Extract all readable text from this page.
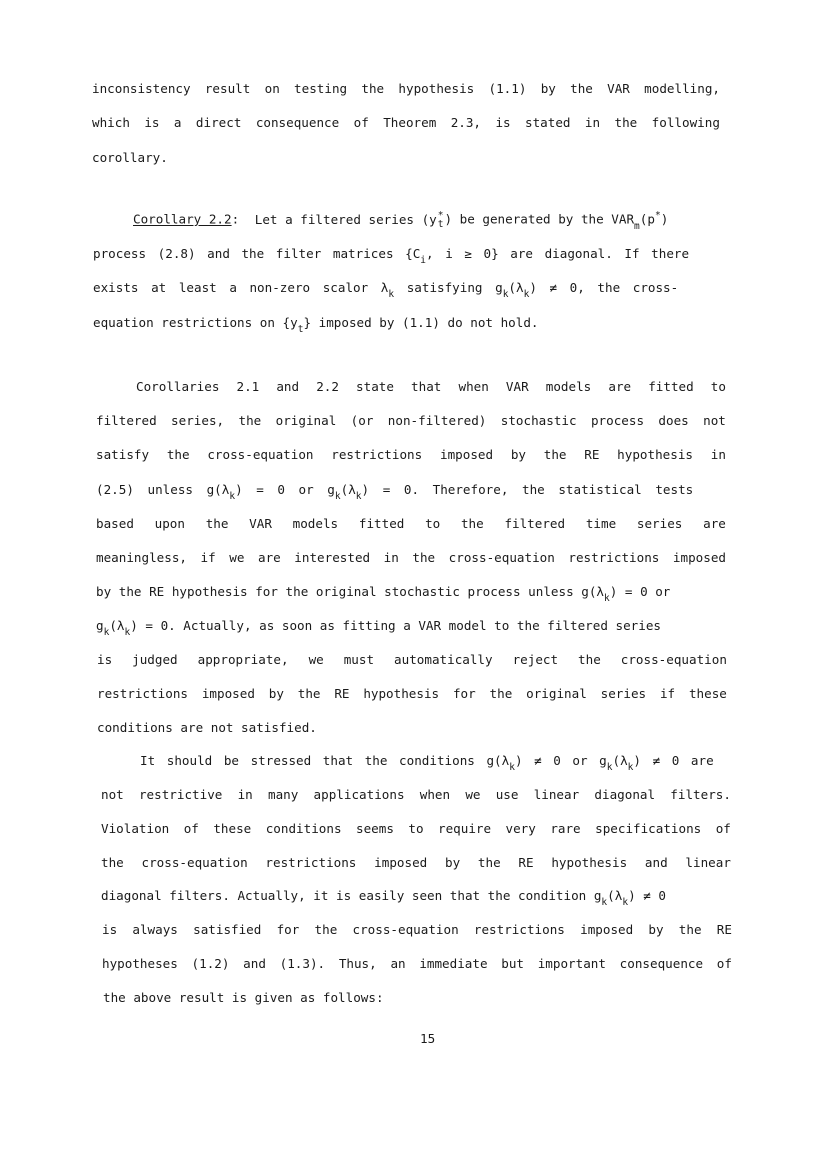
inconsistency result on testing the hypothesis (1.1) by the VAR modelling,
which is a direct consequence of Theorem 2.3, is stated in the following
corollary.
Corollary 2.2: Let a filtered series (y *
t ) be generated by the $VAR_m(p^*)$
process (2.8) and the filter matrices {$C_i$, i ≥ 0} are diagonal. If there
exists at least a non-zero scalor $\lambda_k$ satisfying $g_k(\lambda_k) \ne 0$, the cross-
equation restrictions on $\{y_t\}$ imposed by (1.1) do not hold.
Corollaries 2.1 and 2.2 state that when VAR models are fitted to
filtered series, the original (or non-filtered) stochastic process does not
satisfy the cross-equation restrictions imposed by the RE hypothesis in
(2.5) unless $g(\lambda_k) = 0$ or $g_k(\lambda_k) = 0$. Therefore, the statistical tests
based upon the VAR models fitted to the filtered time series are
meaningless, if we are interested in the cross-equation restrictions imposed
by the RE hypothesis for the original stochastic process unless $g(\lambda_k) = 0$ or
$g_k(\lambda_k) = 0$. Actually, as soon as fitting a VAR model to the filtered series
is judged appropriate, we must automatically reject the cross-equation
restrictions imposed by the RE hypothesis for the original series if these
conditions are not satisfied.
It should be stressed that the conditions $g(\lambda_k) \ne 0$ or $g_k(\lambda_k) \ne 0$ are
not restrictive in many applications when we use linear diagonal filters.
Violation of these conditions seems to require very rare specifications of
the cross-equation restrictions imposed by the RE hypothesis and linear
diagonal filters. Actually, it is easily seen that the condition $g_k(\lambda_k) \ne 0$
is always satisfied for the cross-equation restrictions imposed by the RE
hypotheses (1.2) and (1.3). Thus, an immediate but important consequence of
the above result is given as follows:
15
